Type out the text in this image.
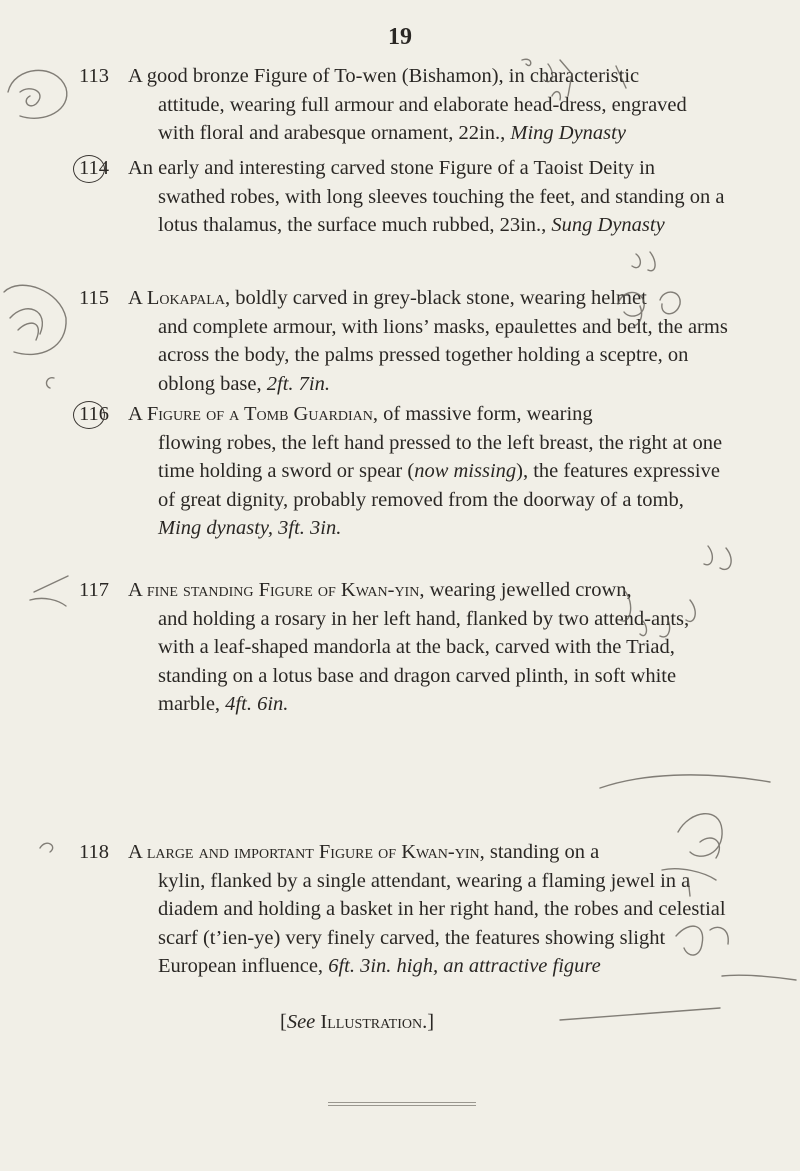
19
113 A good bronze Figure of To-wen (Bishamon), in characteristic
attitude, wearing full armour and elaborate head-dress, engraved with floral and arabesque ornament, 22in., Ming Dynasty
114 An early and interesting carved stone Figure of a Taoist Deity in
swathed robes, with long sleeves touching the feet, and standing on a lotus thalamus, the surface much rubbed, 23in., Sung Dynasty
115 A Lokapala, boldly carved in grey-black stone, wearing helmet
and complete armour, with lions’ masks, epaulettes and belt, the arms across the body, the palms pressed together holding a sceptre, on oblong base, 2ft. 7in.
116 A Figure of a Tomb Guardian, of massive form, wearing
flowing robes, the left hand pressed to the left breast, the right at one time holding a sword or spear (now missing), the features expressive of great dignity, probably removed from the doorway of a tomb, Ming dynasty, 3ft. 3in.
117 A fine standing Figure of Kwan-yin, wearing jewelled crown,
and holding a rosary in her left hand, flanked by two attend-ants, with a leaf-shaped mandorla at the back, carved with the Triad, standing on a lotus base and dragon carved plinth, in soft white marble, 4ft. 6in.
118 A large and important Figure of Kwan-yin, standing on a
kylin, flanked by a single attendant, wearing a flaming jewel in a diadem and holding a basket in her right hand, the robes and celestial scarf (t’ien-ye) very finely carved, the features showing slight European influence, 6ft. 3in. high, an attractive figure
[See Illustration.]
